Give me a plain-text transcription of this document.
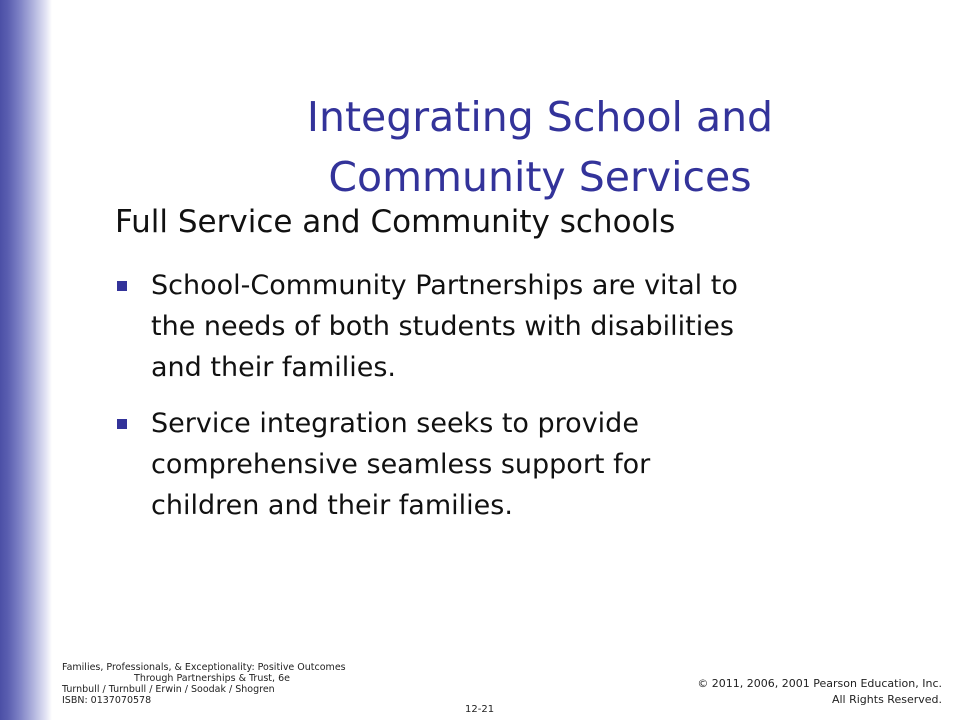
Integrating School and
Community Services
Full Service and Community schools
School-Community Partnerships are vital to
the needs of both students with disabilities
and their families.
Service integration seeks to provide
comprehensive seamless support for
children and their families.
Families, Professionals, & Exceptionality: Positive Outcomes
Through Partnerships & Trust, 6e
Turnbull / Turnbull / Erwin / Soodak / Shogren
ISBN: 0137070578
12-21
© 2011, 2006, 2001 Pearson Education, Inc.
All Rights Reserved.
